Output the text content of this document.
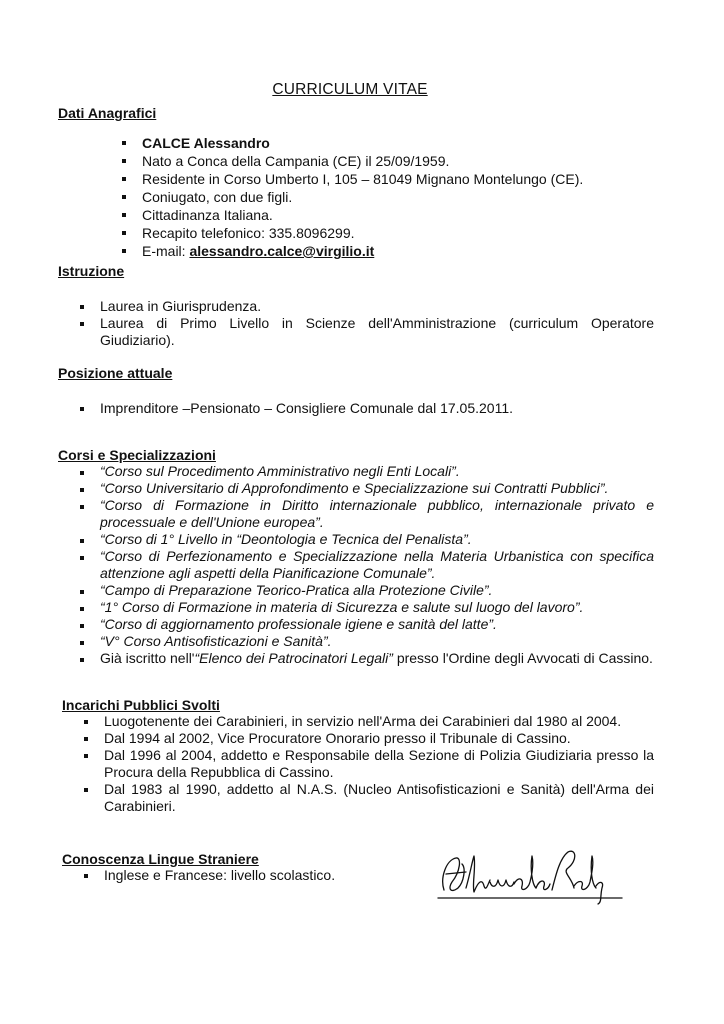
CURRICULUM VITAE
Dati Anagrafici
CALCE Alessandro
Nato a Conca della Campania (CE) il 25/09/1959.
Residente in Corso Umberto I, 105 – 81049 Mignano Montelungo (CE).
Coniugato, con due figli.
Cittadinanza Italiana.
Recapito telefonico: 335.8096299.
E-mail: alessandro.calce@virgilio.it
Istruzione
Laurea in Giurisprudenza.
Laurea di Primo Livello in Scienze dell'Amministrazione (curriculum Operatore Giudiziario).
Posizione attuale
Imprenditore –Pensionato – Consigliere Comunale dal 17.05.2011.
Corsi e Specializzazioni
“Corso sul Procedimento Amministrativo negli Enti Locali”.
“Corso Universitario di Approfondimento e Specializzazione sui Contratti Pubblici”.
“Corso di Formazione in Diritto internazionale pubblico, internazionale privato e processuale e dell'Unione europea”.
“Corso di 1° Livello in “Deontologia e Tecnica del Penalista”.
“Corso di Perfezionamento e Specializzazione nella Materia Urbanistica con specifica attenzione agli aspetti della Pianificazione Comunale”.
“Campo di Preparazione Teorico-Pratica alla Protezione Civile”.
“1° Corso di Formazione in materia di Sicurezza e salute sul luogo del lavoro”.
“Corso di aggiornamento professionale igiene e sanità del latte”.
“V° Corso Antisofisticazioni e Sanità”.
Già iscritto nell'“Elenco dei Patrocinatori Legali” presso l'Ordine degli Avvocati di Cassino.
Incarichi Pubblici Svolti
Luogotenente dei Carabinieri, in servizio nell'Arma dei Carabinieri dal 1980 al 2004.
Dal 1994 al 2002, Vice Procuratore Onorario presso il Tribunale di Cassino.
Dal 1996 al 2004, addetto e Responsabile della Sezione di Polizia Giudiziaria presso la Procura della Repubblica di Cassino.
Dal 1983 al 1990, addetto al N.A.S. (Nucleo Antisofisticazioni e Sanità) dell'Arma dei Carabinieri.
Conoscenza Lingue Straniere
Inglese e Francese: livello scolastico.
